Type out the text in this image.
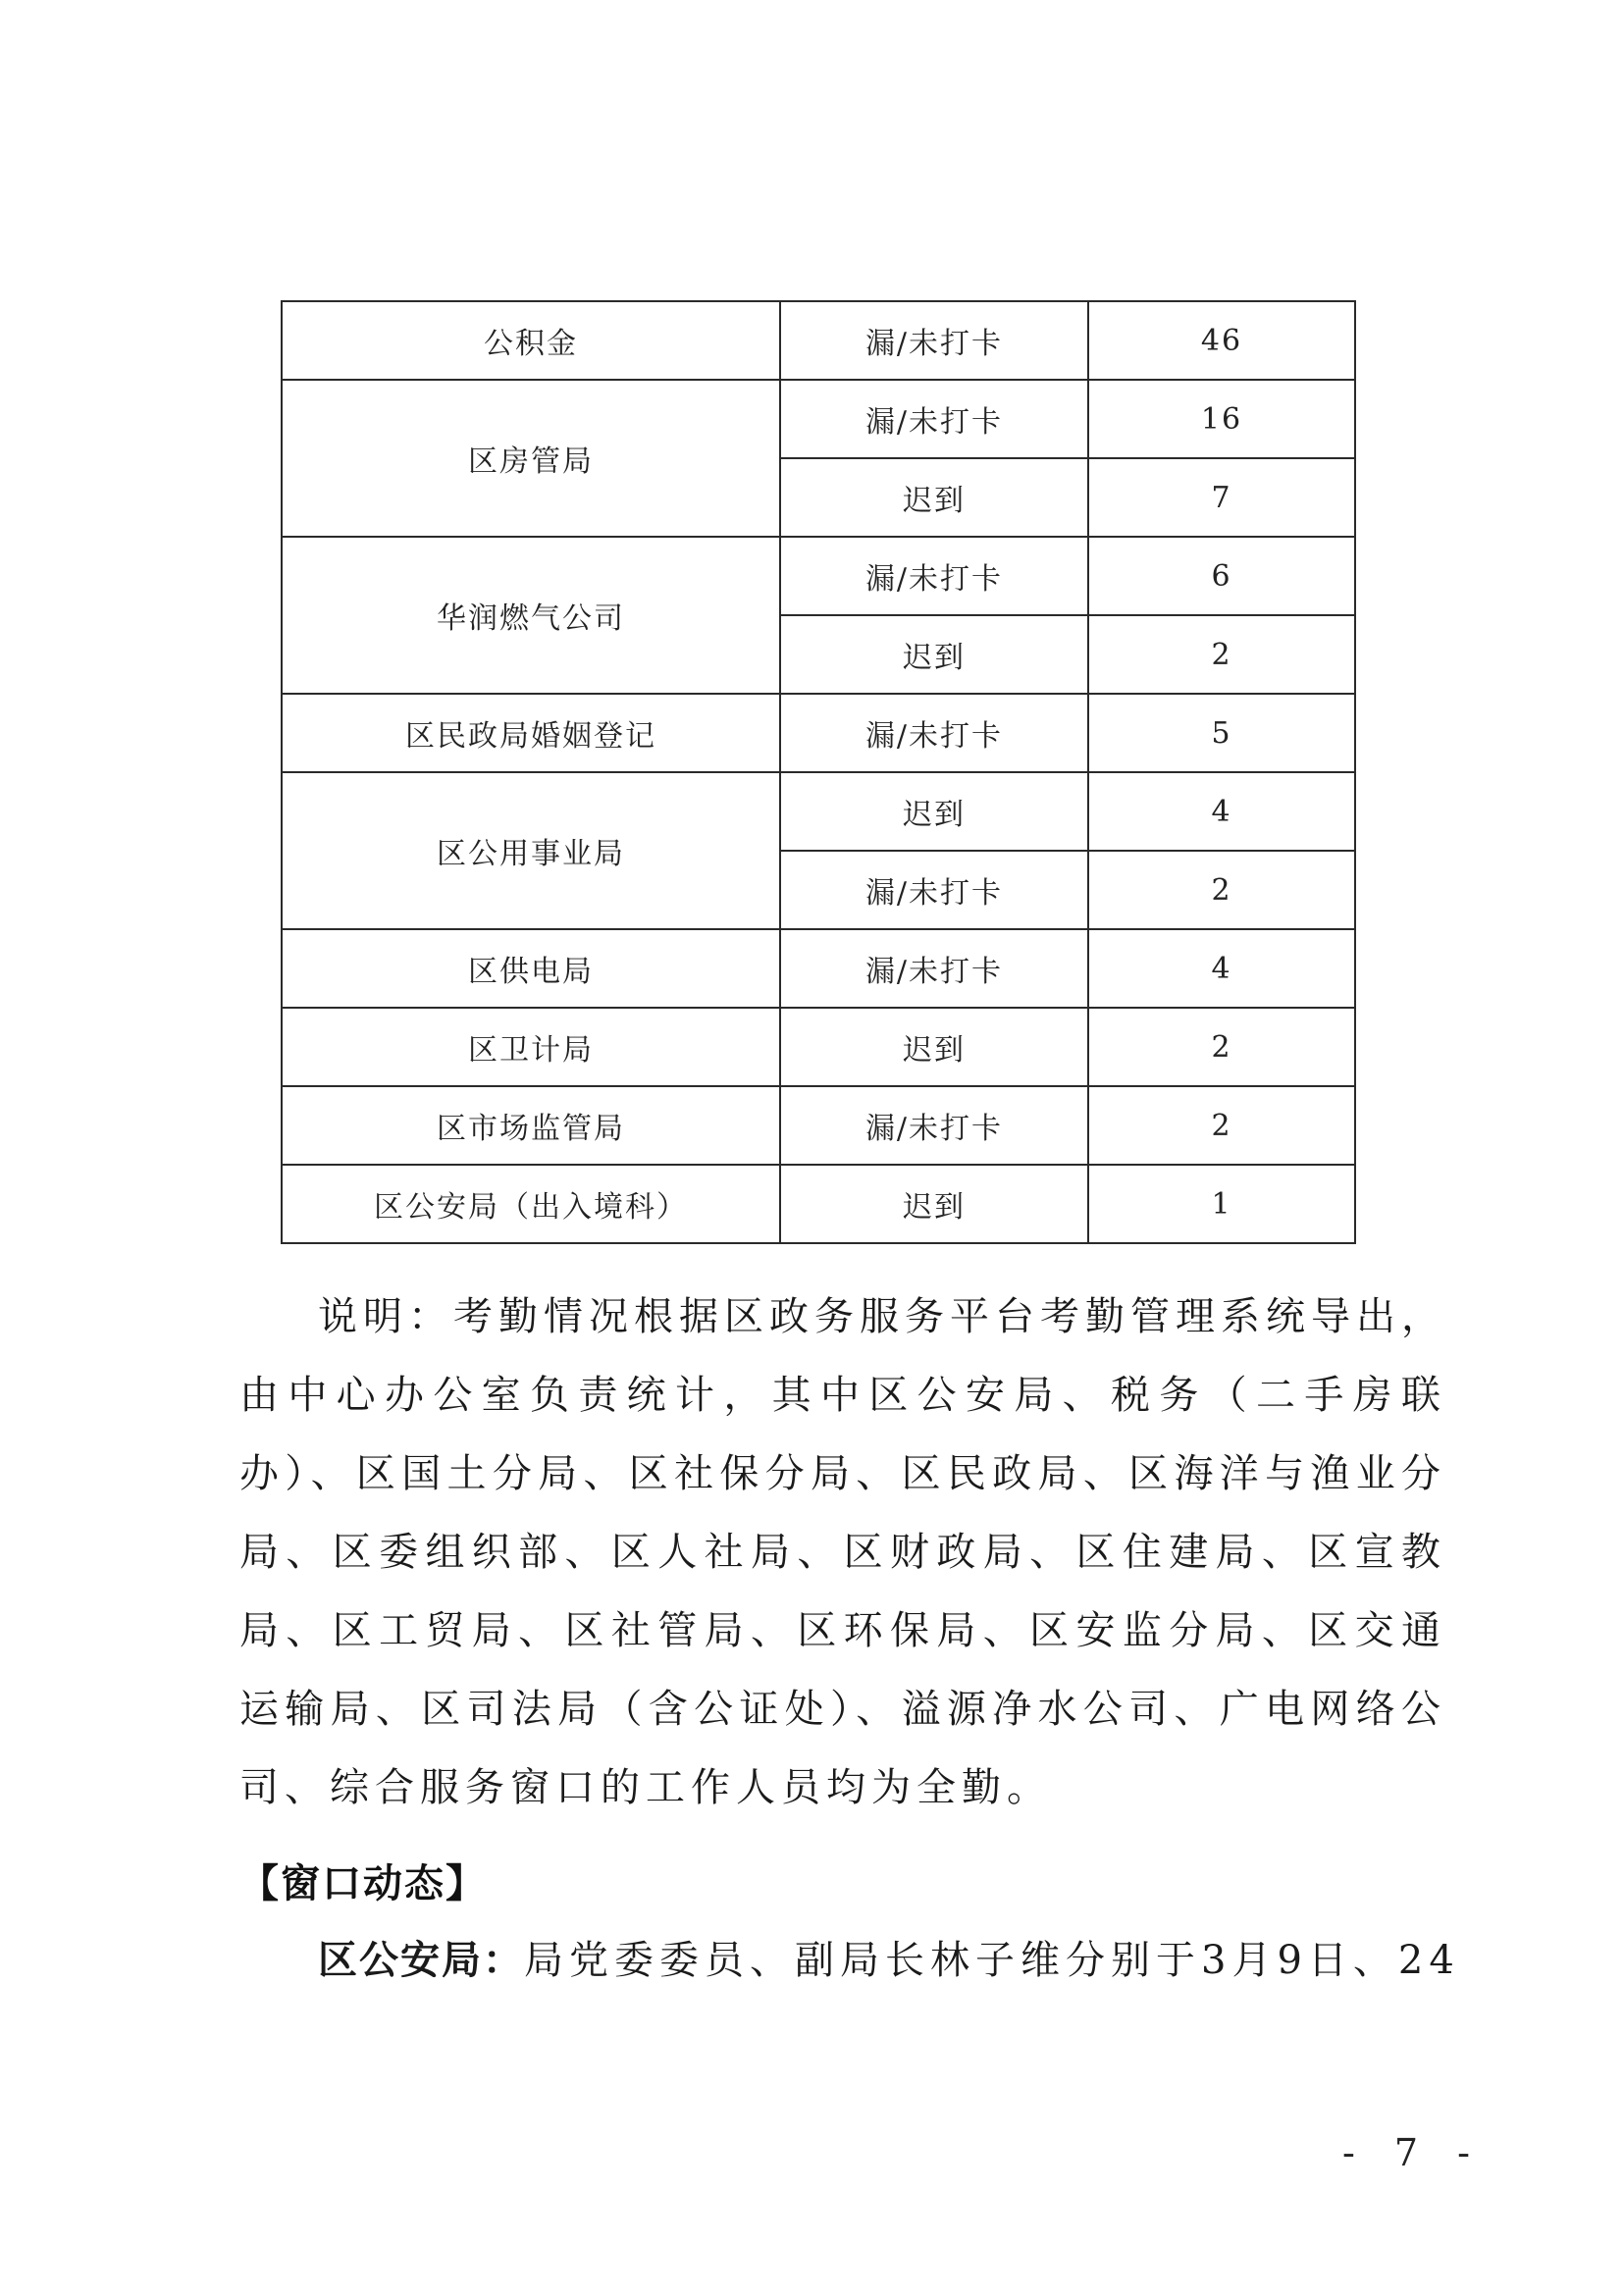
公积金	漏/未打卡	46
区房管局	漏/未打卡	16
	迟到	7
华润燃气公司	漏/未打卡	6
	迟到	2
区民政局婚姻登记	漏/未打卡	5
区公用事业局	迟到	4
	漏/未打卡	2
区供电局	漏/未打卡	4
区卫计局	迟到	2
区市场监管局	漏/未打卡	2
区公安局（出入境科）	迟到	1

说明：考勤情况根据区政务服务平台考勤管理系统导出，由中心办公室负责统计，其中区公安局、税务（二手房联办）、区国土分局、区社保分局、区民政局、区海洋与渔业分局、区委组织部、区人社局、区财政局、区住建局、区宣教局、区工贸局、区社管局、区环保局、区安监分局、区交通运输局、区司法局（含公证处）、溢源净水公司、广电网络公司、综合服务窗口的工作人员均为全勤。

【窗口动态】

区公安局：局党委委员、副局长林子维分别于3月9日、24

- 7 -
